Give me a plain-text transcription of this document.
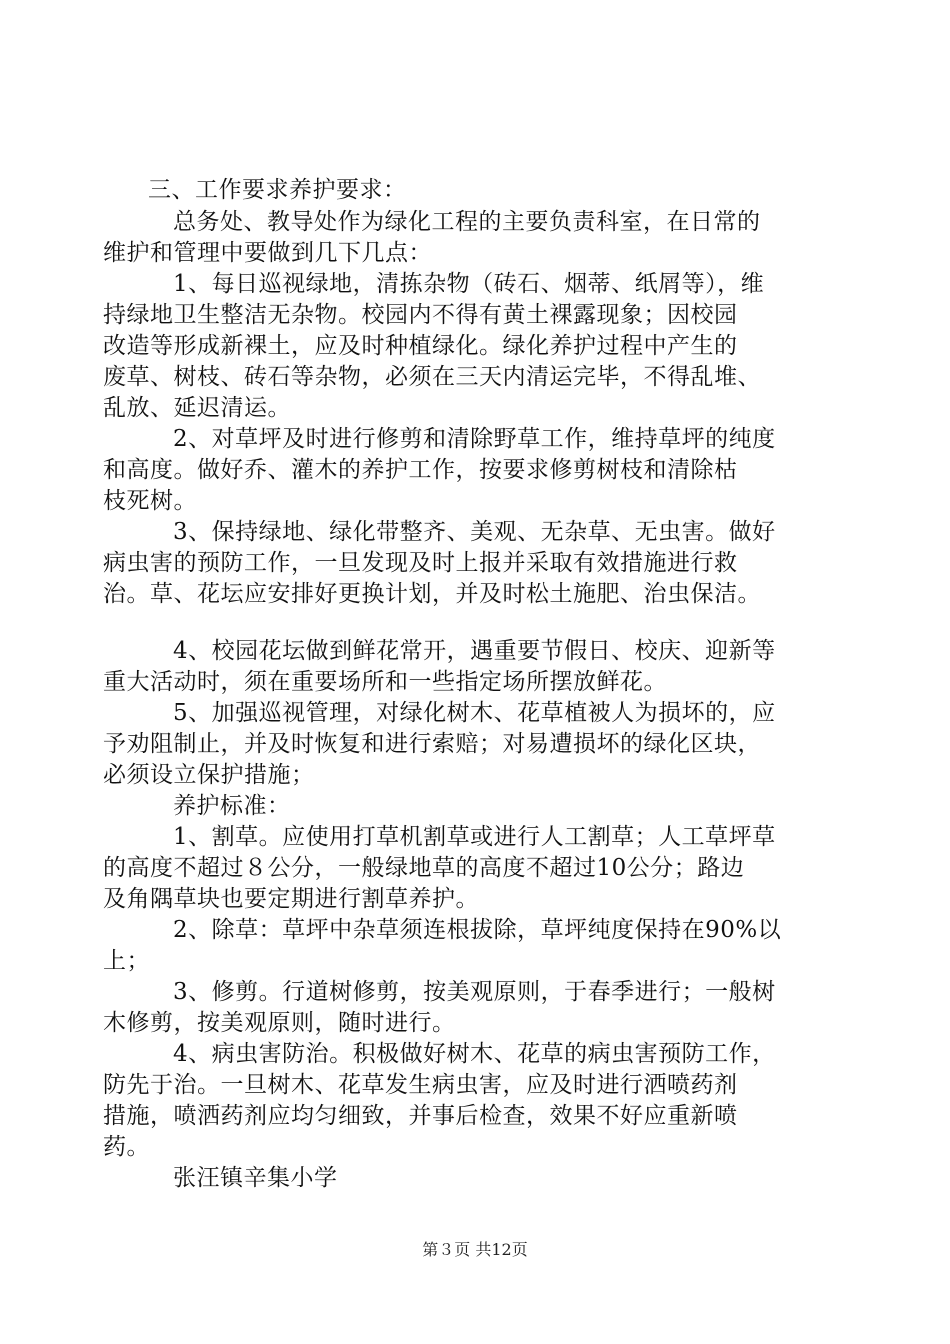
三、工作要求养护要求：
总务处、教导处作为绿化工程的主要负责科室，在日常的
维护和管理中要做到几下几点：
1、每日巡视绿地，清拣杂物（砖石、烟蒂、纸屑等），维
持绿地卫生整洁无杂物。校园内不得有黄土裸露现象；因校园
改造等形成新裸土，应及时种植绿化。绿化养护过程中产生的
废草、树枝、砖石等杂物，必须在三天内清运完毕，不得乱堆、
乱放、延迟清运。
2、对草坪及时进行修剪和清除野草工作，维持草坪的纯度
和高度。做好乔、灌木的养护工作，按要求修剪树枝和清除枯
枝死树。
3、保持绿地、绿化带整齐、美观、无杂草、无虫害。做好
病虫害的预防工作，一旦发现及时上报并采取有效措施进行救
治。草、花坛应安排好更换计划，并及时松土施肥、治虫保洁。
4、校园花坛做到鲜花常开，遇重要节假日、校庆、迎新等
重大活动时，须在重要场所和一些指定场所摆放鲜花。
5、加强巡视管理，对绿化树木、花草植被人为损坏的，应
予劝阻制止，并及时恢复和进行索赔；对易遭损坏的绿化区块，
必须设立保护措施；
养护标准：
1、割草。应使用打草机割草或进行人工割草；人工草坪草
的高度不超过８公分，一般绿地草的高度不超过10公分；路边
及角隅草块也要定期进行割草养护。
2、除草：草坪中杂草须连根拔除，草坪纯度保持在90%以
上；
3、修剪。行道树修剪，按美观原则，于春季进行；一般树
木修剪，按美观原则，随时进行。
4、病虫害防治。积极做好树木、花草的病虫害预防工作，
防先于治。一旦树木、花草发生病虫害，应及时进行洒喷药剂
措施，喷洒药剂应均匀细致，并事后检查，效果不好应重新喷
药。
张汪镇辛集小学
第３页 共12页
